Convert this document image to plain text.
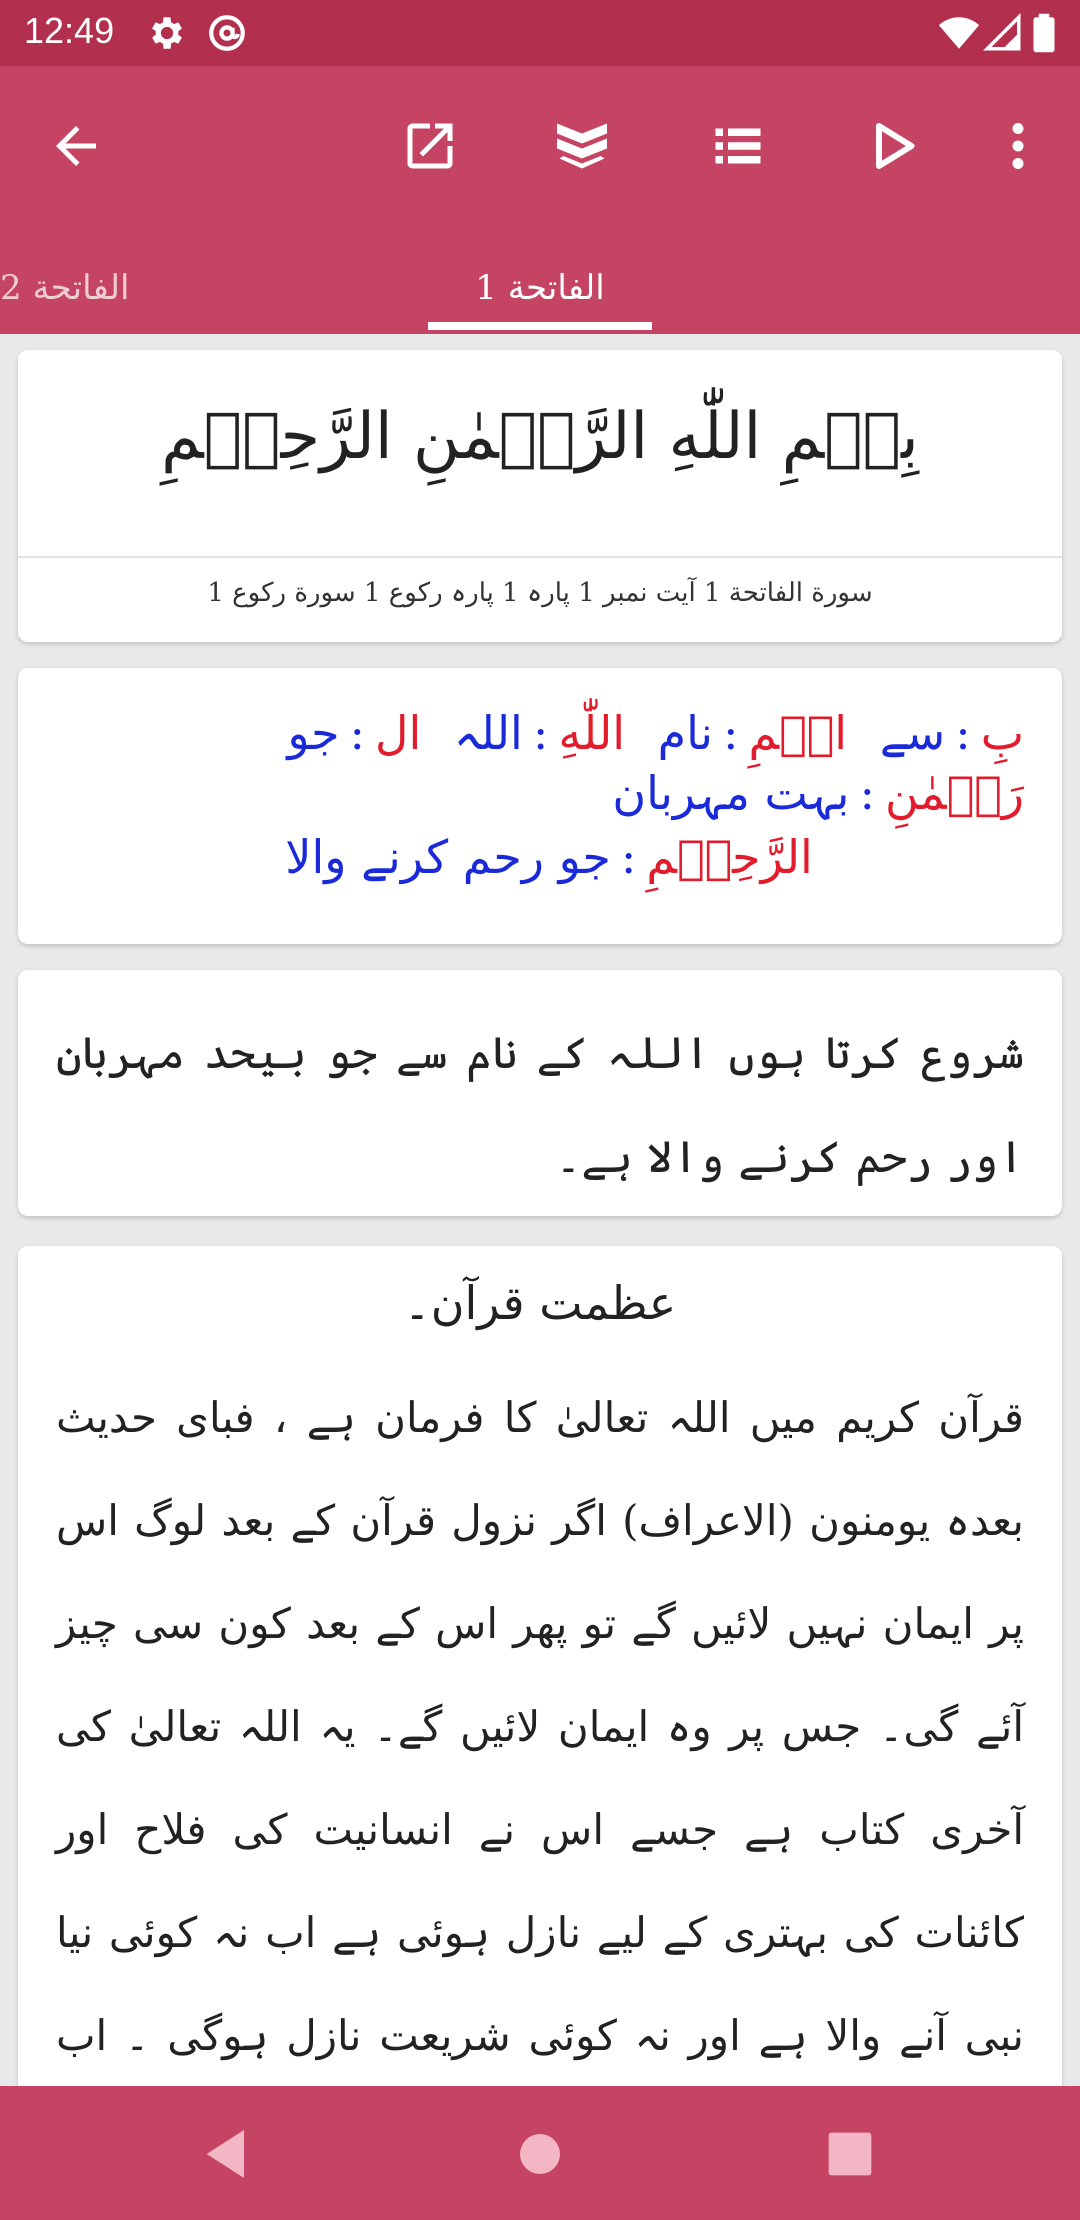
12:49
الفاتحة 1
الفاتحة 2
بِسۡمِ اللّٰهِ الرَّحۡمٰنِ الرَّحِيۡمِ
سورة الفاتحة 1 آیت نمبر 1 پارہ 1 پارہ رکوع 1 سورة رکوع 1
بِ:سے اسۡمِ:نام اللّٰهِ:اللہ ال:جو رَحۡمٰنِ:بہت مہربان
الرَّحِيۡمِ:جو رحم کرنے والا
شروع کرتا ہوں اللہ کے نام سے جو بیحد مہربان اور رحم کرنے والا ہے۔
عظمت قرآن۔
قرآن کریم میں اللہ تعالیٰ کا فرمان ہے ، فبای حدیث بعدہ یومنون (الاعراف) اگر نزول قرآن کے بعد لوگ اس پر ایمان نہیں لائیں گے تو پھر اس کے بعد کون سی چیز آئے گی۔ جس پر وہ ایمان لائیں گے۔ یہ اللہ تعالیٰ کی آخری کتاب ہے جسے اس نے انسانیت کی فلاح اور کائنات کی بہتری کے لیے نازل ہوئی ہے اب نہ کوئی نیا نبی آنے والا ہے اور نہ کوئی شریعت نازل ہوگی ۔ اب
